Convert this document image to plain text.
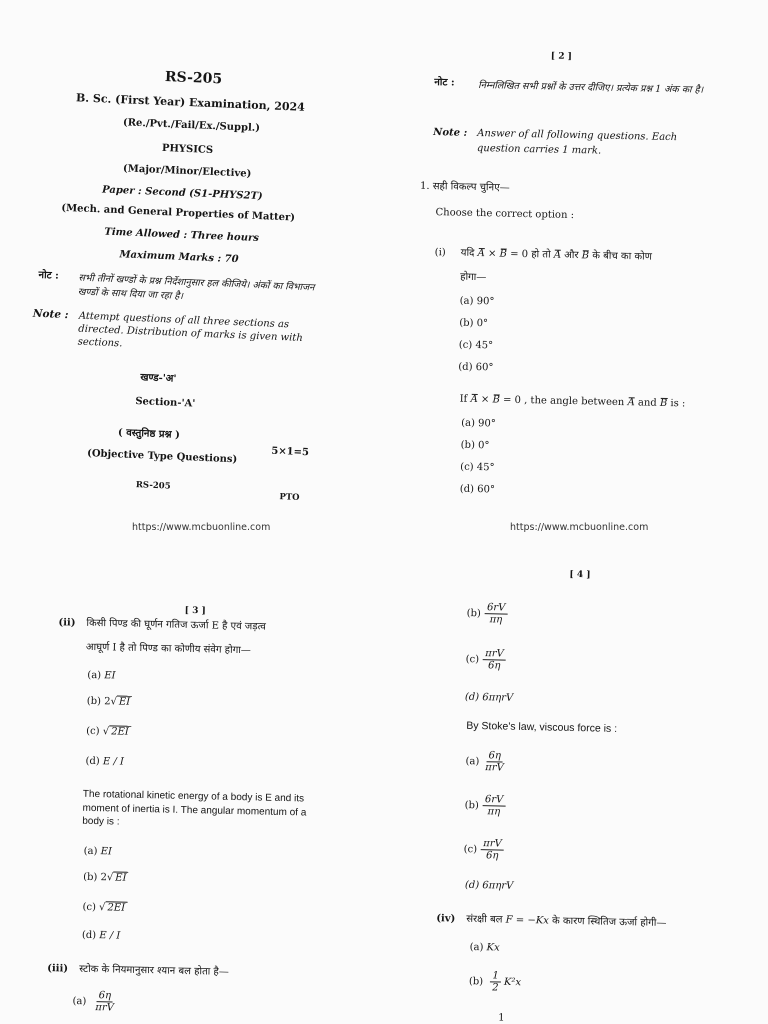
RS-205
B. Sc. (First Year) Examination, 2024
(Re./Pvt./Fail/Ex./Suppl.)
PHYSICS
(Major/Minor/Elective)
Paper : Second (S1-PHYS2T)
(Mech. and General Properties of Matter)
Time Allowed : Three hours
Maximum Marks : 70
नोट : सभी तीनों खण्डों के प्रश्न निर्देशानुसार हल कीजिये। अंकों का विभाजन खण्डों के साथ दिया जा रहा है।
Note : Attempt questions of all three sections as directed. Distribution of marks is given with sections.
खण्ड-'अ'
Section-'A'
( वस्तुनिष्ठ प्रश्न )
(Objective Type Questions)	5×1=5
RS-205
PTO
https://www.mcbuonline.com
[ 2 ]
नोट : निम्नलिखित सभी प्रश्नों के उत्तर दीजिए। प्रत्येक प्रश्न 1 अंक का है।
Note : Answer of all following questions. Each question carries 1 mark.
1. सही विकल्प चुनिए—
Choose the correct option :
(i) यदि A × B = 0 हो तो A और B के बीच का कोण
होगा—
(a) 90°
(b) 0°
(c) 45°
(d) 60°
If A × B = 0 , the angle between A and B is :
(a) 90°
(b) 0°
(c) 45°
(d) 60°
https://www.mcbuonline.com
[ 3 ]
(ii) किसी पिण्ड की घूर्णन गतिज ऊर्जा E है एवं जड़त्व
आघूर्ण I है तो पिण्ड का कोणीय संवेग होगा—
(a) EI
(b) 2√ EI
(c) √ 2EI
(d) E / I
The rotational kinetic energy of a body is E and its moment of inertia is I. The angular momentum of a body is :
(a) EI
(b) 2√ EI
(c) √ 2EI
(d) E / I
(iii) स्टोक के नियमानुसार श्यान बल होता है—
$(a) \frac{6\eta}{\text{πrV}}$
[ 4 ]
$(b) \frac{6rV}{\pi\eta}$
$(c) \frac{\text{πrV}}{6\eta}$
(d) 6πηrV
By Stoke's law, viscous force is :
$(a) \frac{6\eta}{\text{πrV}}$
$(b) \frac{6rV}{\pi\eta}$
$(c) \frac{\text{πrV}}{6\eta}$
(d) 6πηrV
(iv) संरक्षी बल F = −Kx के कारण स्थितिज ऊर्जा होगी—
(a) Kx
$(b) \frac{1}{2} K^2x$
1
